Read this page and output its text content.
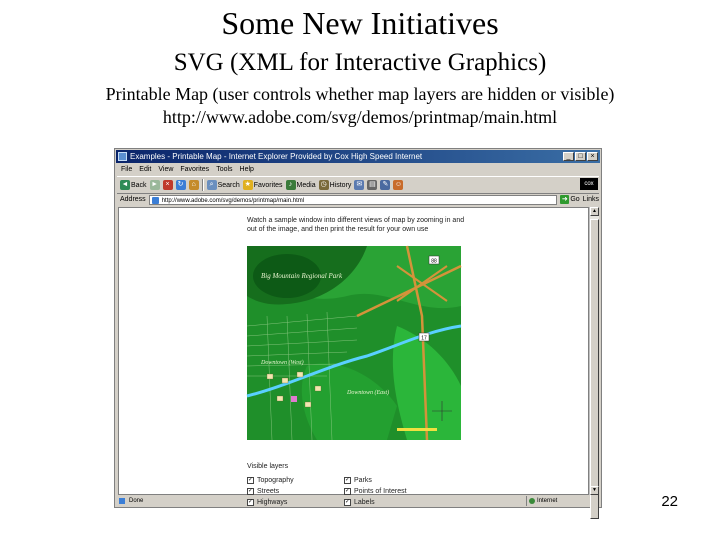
Some New Initiatives
SVG (XML for Interactive Graphics)
Printable Map (user controls whether map layers are hidden or visible)
http://www.adobe.com/svg/demos/printmap/main.html
Examples - Printable Map - Internet Explorer Provided by Cox High Speed Internet	_	□	×
File Edit View Favorites Tools Help
◄ Back ►	×	↻	⌂	⌕ Search ★ Favorites ♪ Media ◷ History ✉ ▤ ✎ ☺	cox
Address	http://www.adobe.com/svg/demos/printmap/main.html	➜ Go Links
Watch a sample window into different views of map by zooming in and out of the image, and then print the result for your own use
88
17
Big Mountain Regional Park
Downtown (West)
Downtown (East)
Visible layers
✓ Topography	✓ Parks
✓ Streets	✓ Points of Interest
✓ Highways	✓ Labels
▲
▼
Done	Internet	22
